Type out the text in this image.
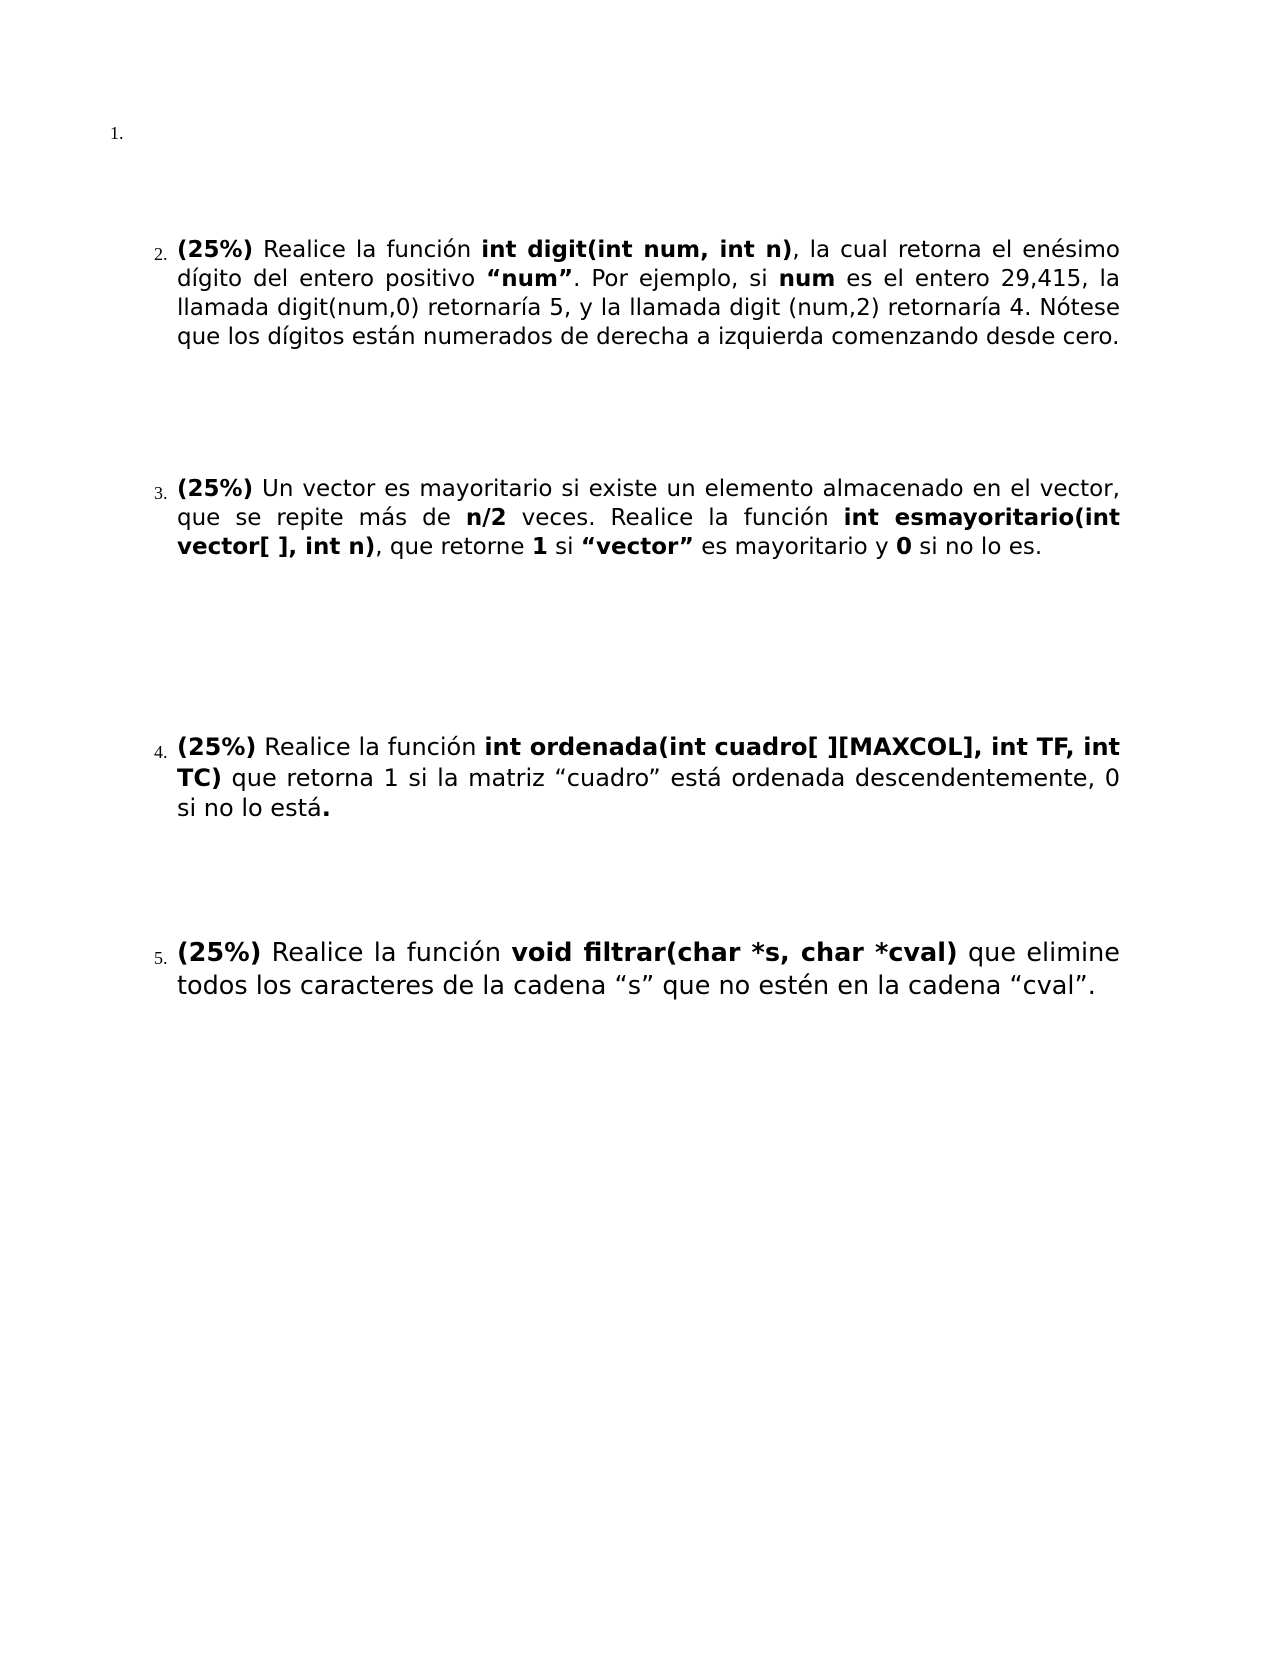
1.
2. (25%) Realice la función int digit(int num, int n), la cual retorna el enésimo dígito del entero positivo “num”. Por ejemplo, si num es el entero 29,415, la llamada digit(num,0) retornaría 5, y la llamada digit (num,2) retornaría 4. Nótese que los dígitos están numerados de derecha a izquierda comenzando desde cero.
3. (25%) Un vector es mayoritario si existe un elemento almacenado en el vector, que se repite más de n/2 veces. Realice la función int esmayoritario(int vector[ ], int n), que retorne 1 si “vector” es mayoritario y 0 si no lo es.
4. (25%) Realice la función int ordenada(int cuadro[ ][MAXCOL], int TF, int TC) que retorna 1 si la matriz “cuadro” está ordenada descendentemente, 0 si no lo está.
5. (25%) Realice la función void filtrar(char *s, char *cval) que elimine todos los caracteres de la cadena “s” que no estén en la cadena “cval”.
